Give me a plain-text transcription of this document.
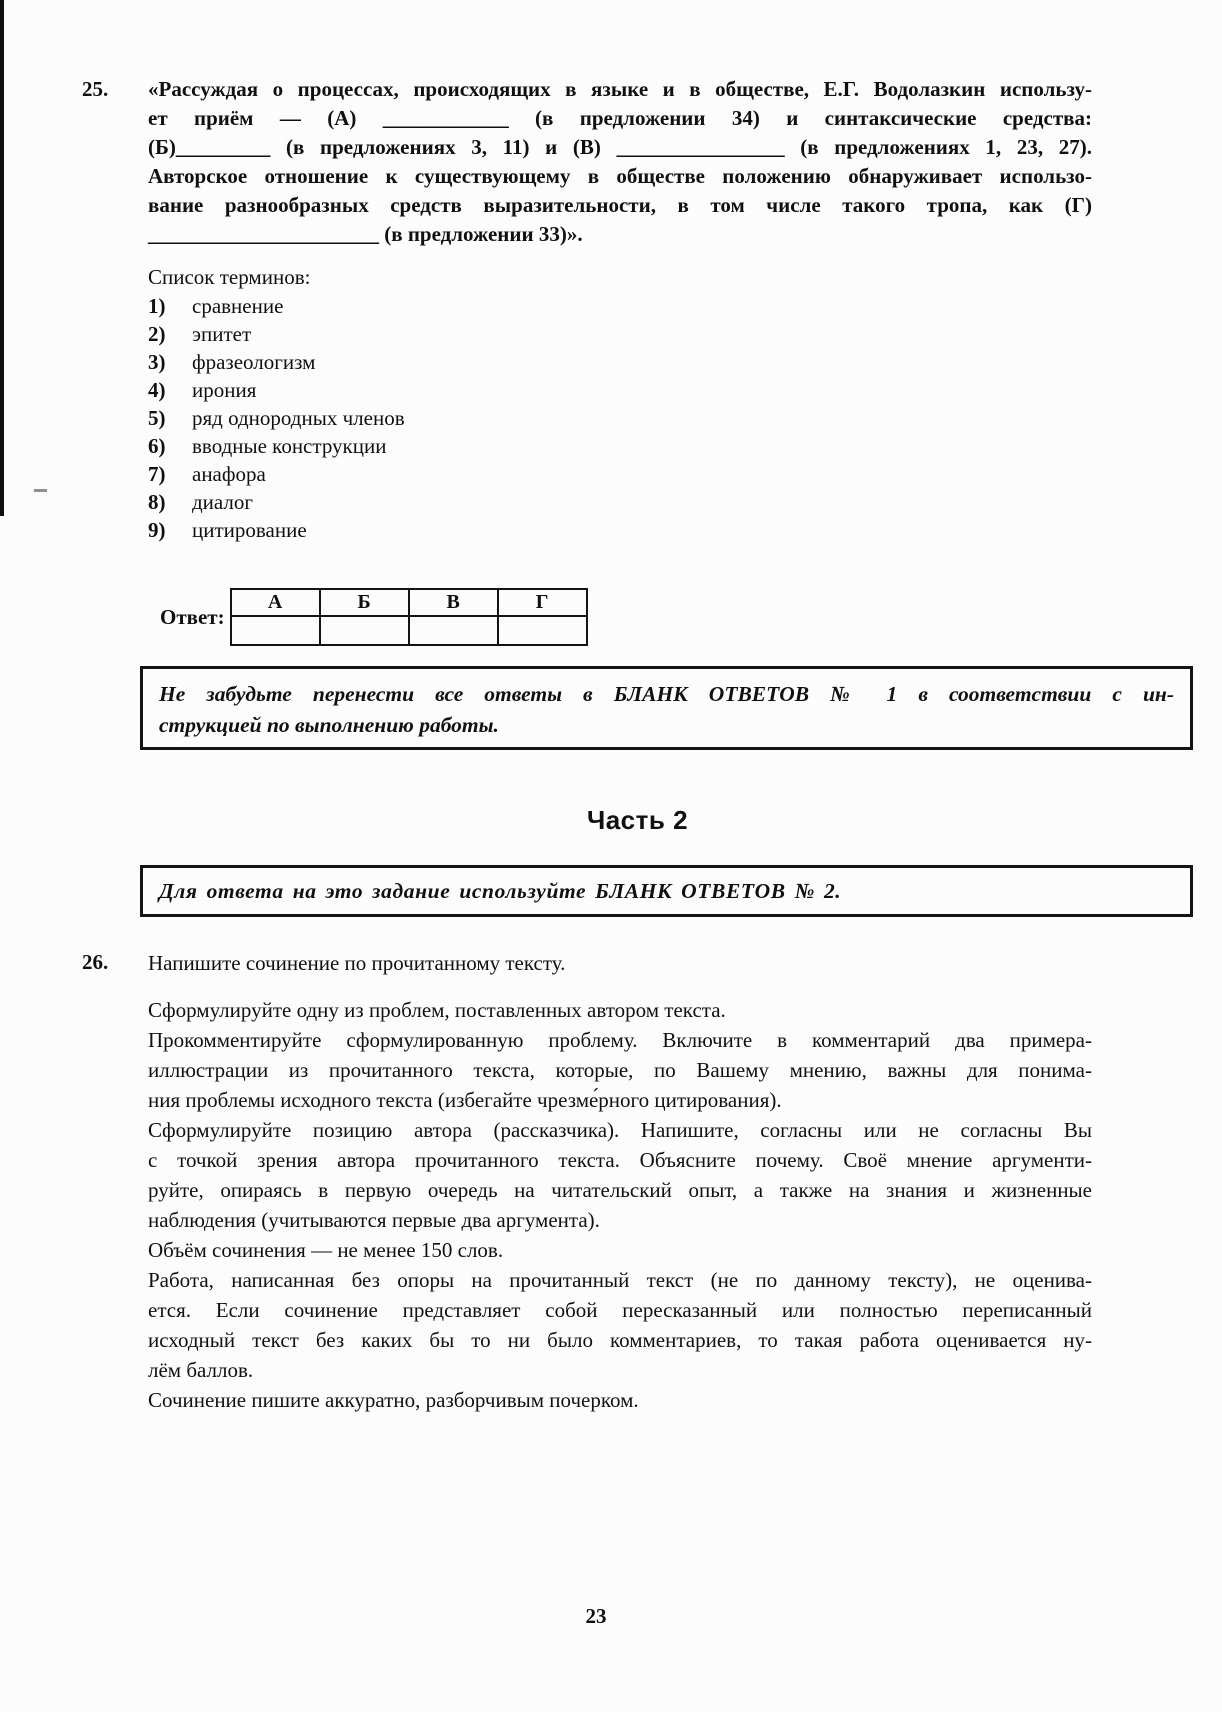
25.	«Рассуждая о процессах, происходящих в языке и в обществе, Е.Г. Водолазкин использу-
ет приём — (А) ____________ (в предложении 34) и синтаксические средства:
(Б)_________ (в предложениях 3, 11) и (В) ________________ (в предложениях 1, 23, 27).
Авторское отношение к существующему в обществе положению обнаруживает использо-
вание разнообразных средств выразительности, в том числе такого тропа, как (Г)
______________________ (в предложении 33)».
Список терминов:
1)	сравнение
2)	эпитет
3)	фразеологизм
4)	ирония
5)	ряд однородных членов
6)	вводные конструкции
7)	анафора
8)	диалог
9)	цитирование
Ответ:
А	Б	В	Г

Не забудьте перенести все ответы в БЛАНК ОТВЕТОВ № 1 в соответствии с ин-
струкцией по выполнению работы.
Часть 2
Для ответа на это задание используйте БЛАНК ОТВЕТОВ № 2.
26.	Напишите сочинение по прочитанному тексту.
Сформулируйте одну из проблем, поставленных автором текста.
Прокомментируйте сформулированную проблему. Включите в комментарий два примера-
иллюстрации из прочитанного текста, которые, по Вашему мнению, важны для понима-
ния проблемы исходного текста (избегайте чрезме́рного цитирования).
Сформулируйте позицию автора (рассказчика). Напишите, согласны или не согласны Вы
с точкой зрения автора прочитанного текста. Объясните почему. Своё мнение аргументи-
руйте, опираясь в первую очередь на читательский опыт, а также на знания и жизненные
наблюдения (учитываются первые два аргумента).
Объём сочинения — не менее 150 слов.
Работа, написанная без опоры на прочитанный текст (не по данному тексту), не оценива-
ется. Если сочинение представляет собой пересказанный или полностью переписанный
исходный текст без каких бы то ни было комментариев, то такая работа оценивается ну-
лём баллов.
Сочинение пишите аккуратно, разборчивым почерком.
23
